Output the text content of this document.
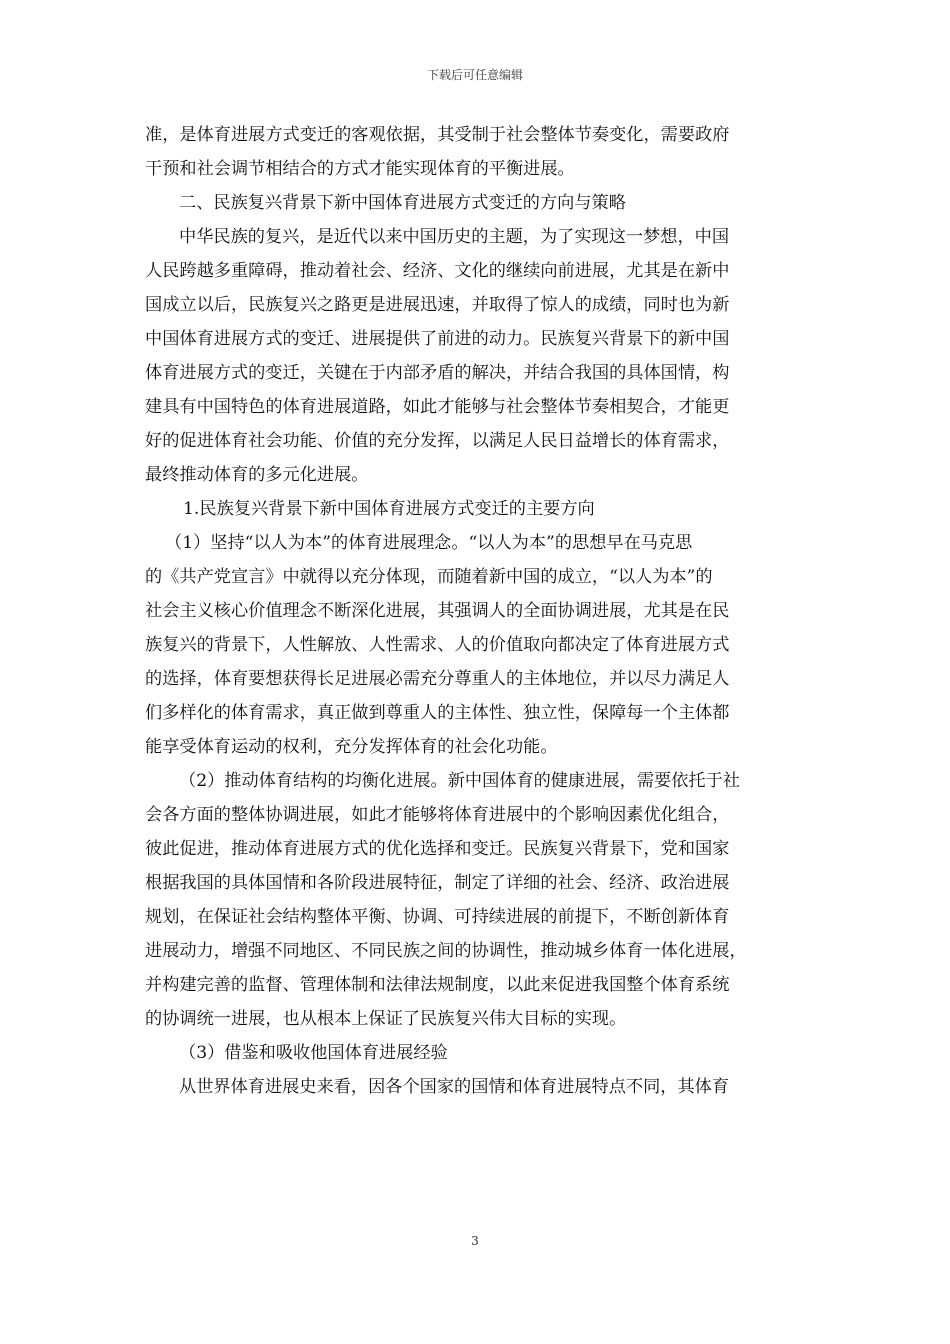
下载后可任意编辑
准，是体育进展方式变迁的客观依据，其受制于社会整体节奏变化，需要政府
干预和社会调节相结合的方式才能实现体育的平衡进展。
二、民族复兴背景下新中国体育进展方式变迁的方向与策略
中华民族的复兴，是近代以来中国历史的主题，为了实现这一梦想，中国
人民跨越多重障碍，推动着社会、经济、文化的继续向前进展，尤其是在新中
国成立以后，民族复兴之路更是进展迅速，并取得了惊人的成绩，同时也为新
中国体育进展方式的变迁、进展提供了前进的动力。民族复兴背景下的新中国
体育进展方式的变迁，关键在于内部矛盾的解决，并结合我国的具体国情，构
建具有中国特色的体育进展道路，如此才能够与社会整体节奏相契合，才能更
好的促进体育社会功能、价值的充分发挥，以满足人民日益增长的体育需求，
最终推动体育的多元化进展。
1.民族复兴背景下新中国体育进展方式变迁的主要方向
（1）坚持“以人为本”的体育进展理念。“以人为本”的思想早在马克思
的《共产党宣言》中就得以充分体现，而随着新中国的成立，“以人为本”的
社会主义核心价值理念不断深化进展，其强调人的全面协调进展，尤其是在民
族复兴的背景下，人性解放、人性需求、人的价值取向都决定了体育进展方式
的选择，体育要想获得长足进展必需充分尊重人的主体地位，并以尽力满足人
们多样化的体育需求，真正做到尊重人的主体性、独立性，保障每一个主体都
能享受体育运动的权利，充分发挥体育的社会化功能。
（2）推动体育结构的均衡化进展。新中国体育的健康进展，需要依托于社
会各方面的整体协调进展，如此才能够将体育进展中的个影响因素优化组合，
彼此促进，推动体育进展方式的优化选择和变迁。民族复兴背景下，党和国家
根据我国的具体国情和各阶段进展特征，制定了详细的社会、经济、政治进展
规划，在保证社会结构整体平衡、协调、可持续进展的前提下，不断创新体育
进展动力，增强不同地区、不同民族之间的协调性，推动城乡体育一体化进展，
并构建完善的监督、管理体制和法律法规制度，以此来促进我国整个体育系统
的协调统一进展，也从根本上保证了民族复兴伟大目标的实现。
（3）借鉴和吸收他国体育进展经验
从世界体育进展史来看，因各个国家的国情和体育进展特点不同，其体育
3
